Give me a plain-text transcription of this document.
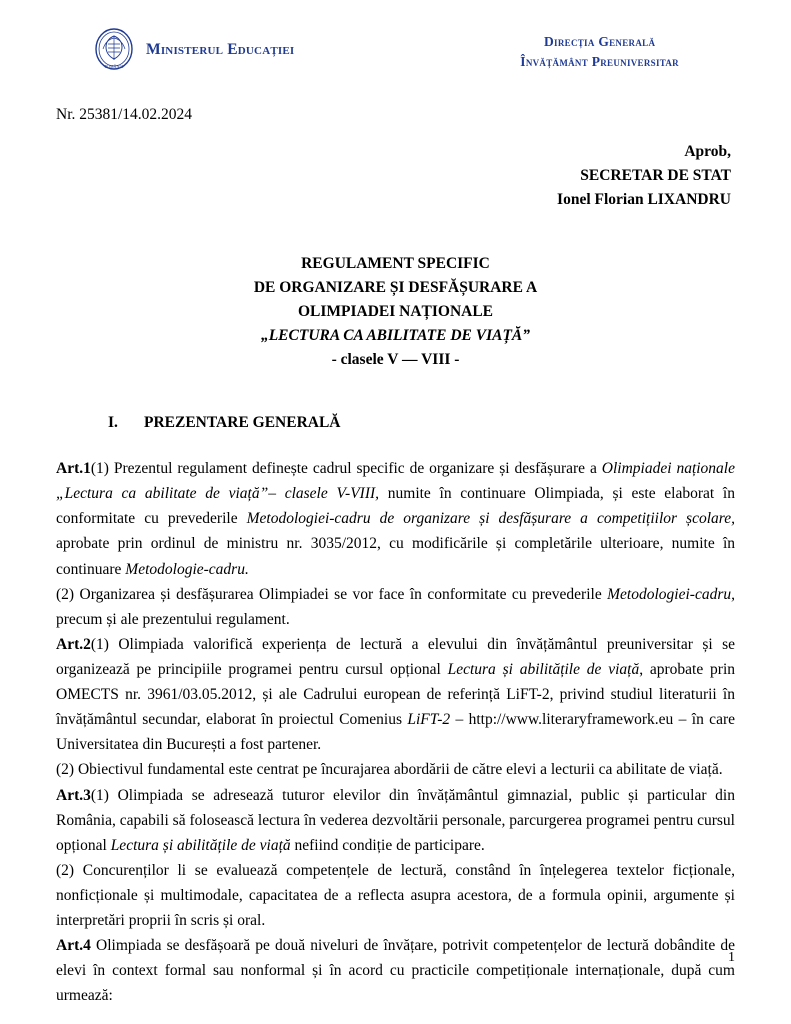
ROMÂNIA
Ministerul Educației	Direcția Generală
Învățământ Preuniversitar
Nr. 25381/14.02.2024
Aprob,
SECRETAR DE STAT
Ionel Florian LIXANDRU
REGULAMENT SPECIFIC
DE ORGANIZARE ȘI DESFĂȘURARE A
OLIMPIADEI NAȚIONALE
„LECTURA CA ABILITATE DE VIAȚĂ”
- clasele V — VIII -
I. PREZENTARE GENERALĂ

Art.1(1) Prezentul regulament definește cadrul specific de organizare și desfășurare a Olimpiadei naționale „Lectura ca abilitate de viață”– clasele V-VIII, numite în continuare Olimpiada, și este elaborat în conformitate cu prevederile Metodologiei-cadru de organizare și desfășurare a competițiilor școlare, aprobate prin ordinul de ministru nr. 3035/2012, cu modificările și completările ulterioare, numite în continuare Metodologie-cadru.

(2) Organizarea și desfășurarea Olimpiadei se vor face în conformitate cu prevederile Metodologiei-cadru, precum și ale prezentului regulament.

Art.2(1) Olimpiada valorifică experiența de lectură a elevului din învățământul preuniversitar și se organizează pe principiile programei pentru cursul opțional Lectura și abilitățile de viață, aprobate prin OMECTS nr. 3961/03.05.2012, și ale Cadrului european de referință LiFT-2, privind studiul literaturii în învățământul secundar, elaborat în proiectul Comenius LiFT-2 – http://www.literaryframework.eu – în care Universitatea din București a fost partener.

(2) Obiectivul fundamental este centrat pe încurajarea abordării de către elevi a lecturii ca abilitate de viață.

Art.3(1) Olimpiada se adresează tuturor elevilor din învățământul gimnazial, public și particular din România, capabili să folosească lectura în vederea dezvoltării personale, parcurgerea programei pentru cursul opțional Lectura și abilitățile de viață nefiind condiție de participare.

(2) Concurenților li se evaluează competențele de lectură, constând în înțelegerea textelor ficționale, nonficționale și multimodale, capacitatea de a reflecta asupra acestora, de a formula opinii, argumente și interpretări proprii în scris și oral.

Art.4 Olimpiada se desfășoară pe două niveluri de învățare, potrivit competențelor de lectură dobândite de elevi în context formal sau nonformal și în acord cu practicile competiționale internaționale, după cum urmează:

1
